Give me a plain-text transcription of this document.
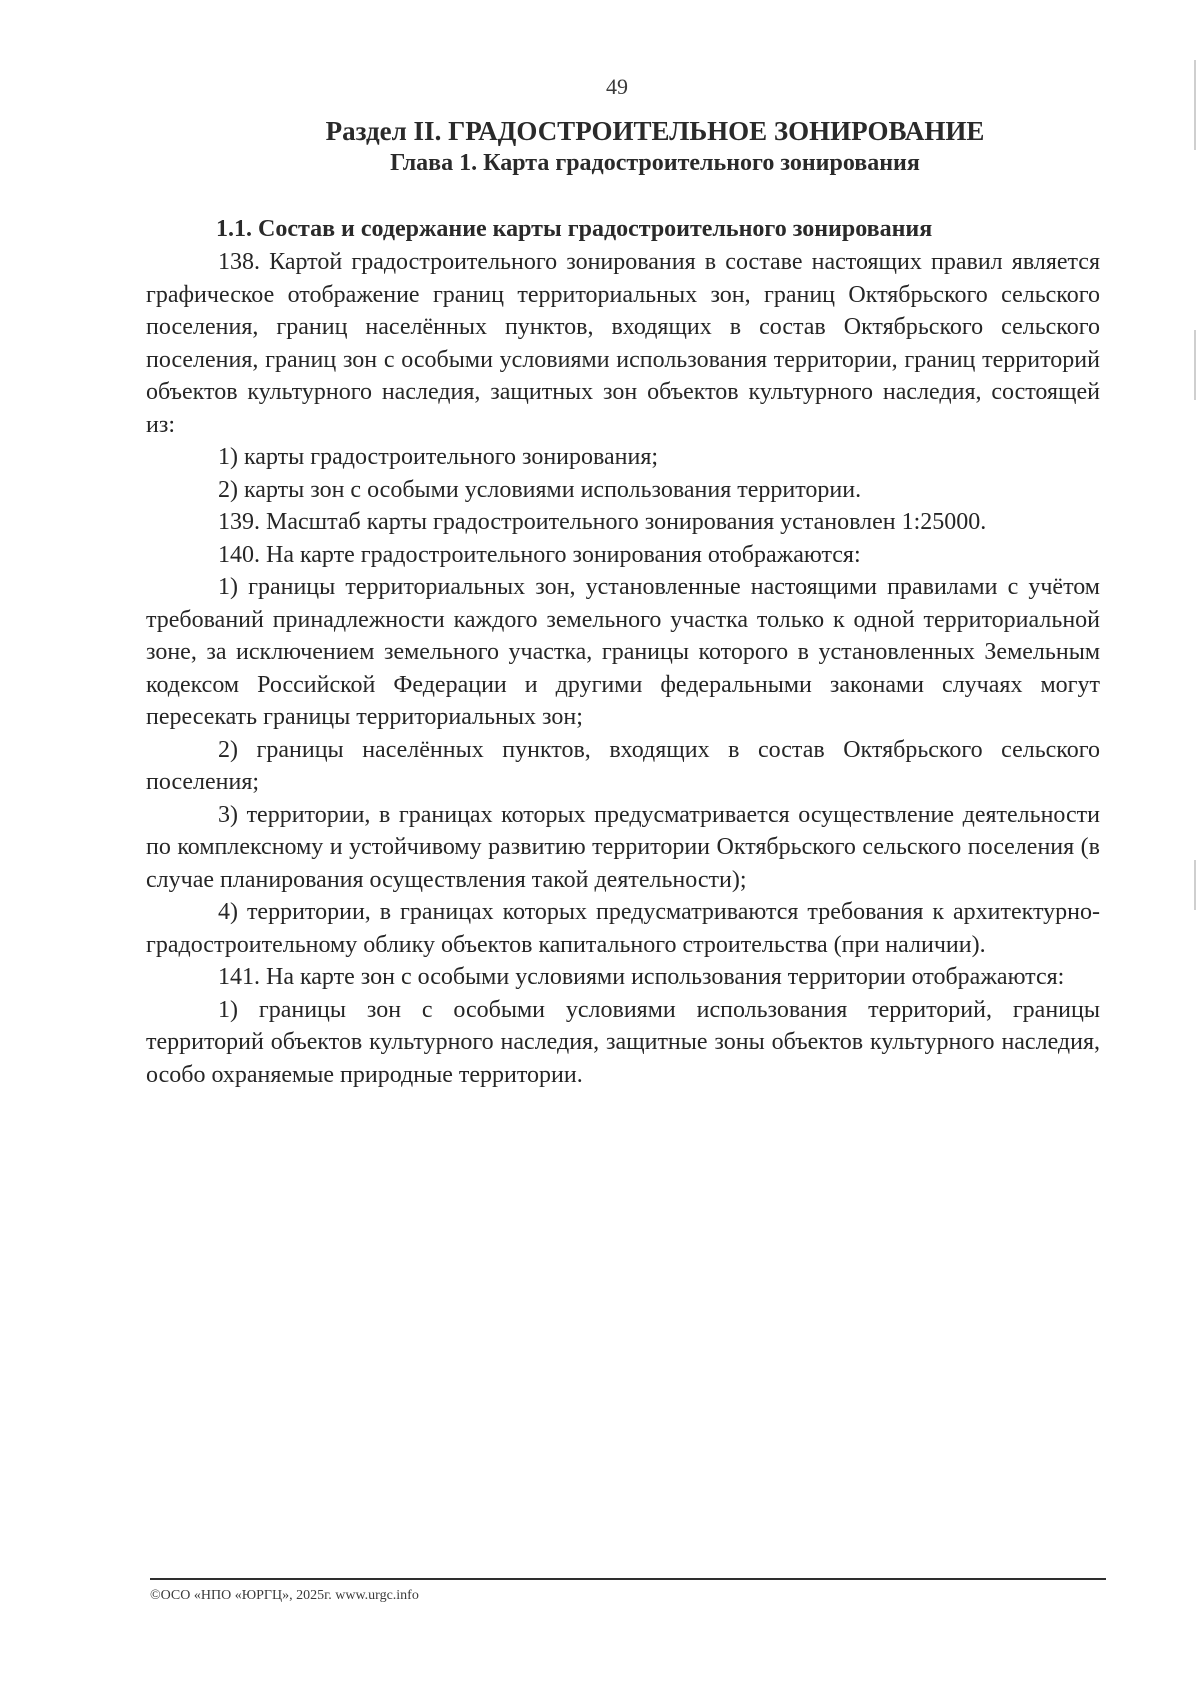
49
Раздел II. ГРАДОСТРОИТЕЛЬНОЕ ЗОНИРОВАНИЕ
Глава 1. Карта градостроительного зонирования
1.1. Состав и содержание карты градостроительного зонирования

138. Картой градостроительного зонирования в составе настоящих правил является графическое отображение границ территориальных зон, границ Октябрьского сельского поселения, границ населённых пунктов, входящих в состав Октябрьского сельского поселения, границ зон с особыми условиями использования территории, границ территорий объектов культурного наследия, защитных зон объектов культурного наследия, состоящей из:

1) карты градостроительного зонирования;

2) карты зон с особыми условиями использования территории.

139. Масштаб карты градостроительного зонирования установлен 1:25000.

140. На карте градостроительного зонирования отображаются:

1) границы территориальных зон, установленные настоящими правилами с учётом требований принадлежности каждого земельного участка только к одной территориальной зоне, за исключением земельного участка, границы которого в установленных Земельным кодексом Российской Федерации и другими федеральными законами случаях могут пересекать границы территориальных зон;

2) границы населённых пунктов, входящих в состав Октябрьского сельского поселения;

3) территории, в границах которых предусматривается осуществление деятельности по комплексному и устойчивому развитию территории Октябрьского сельского поселения (в случае планирования осуществления такой деятельности);

4) территории, в границах которых предусматриваются требования к архитектурно-градостроительному облику объектов капитального строительства (при наличии).

141. На карте зон с особыми условиями использования территории отображаются:

1) границы зон с особыми условиями использования территорий, границы территорий объектов культурного наследия, защитные зоны объектов культурного наследия, особо охраняемые природные территории.

©ОСО «НПО «ЮРГЦ», 2025г. www.urgc.info
